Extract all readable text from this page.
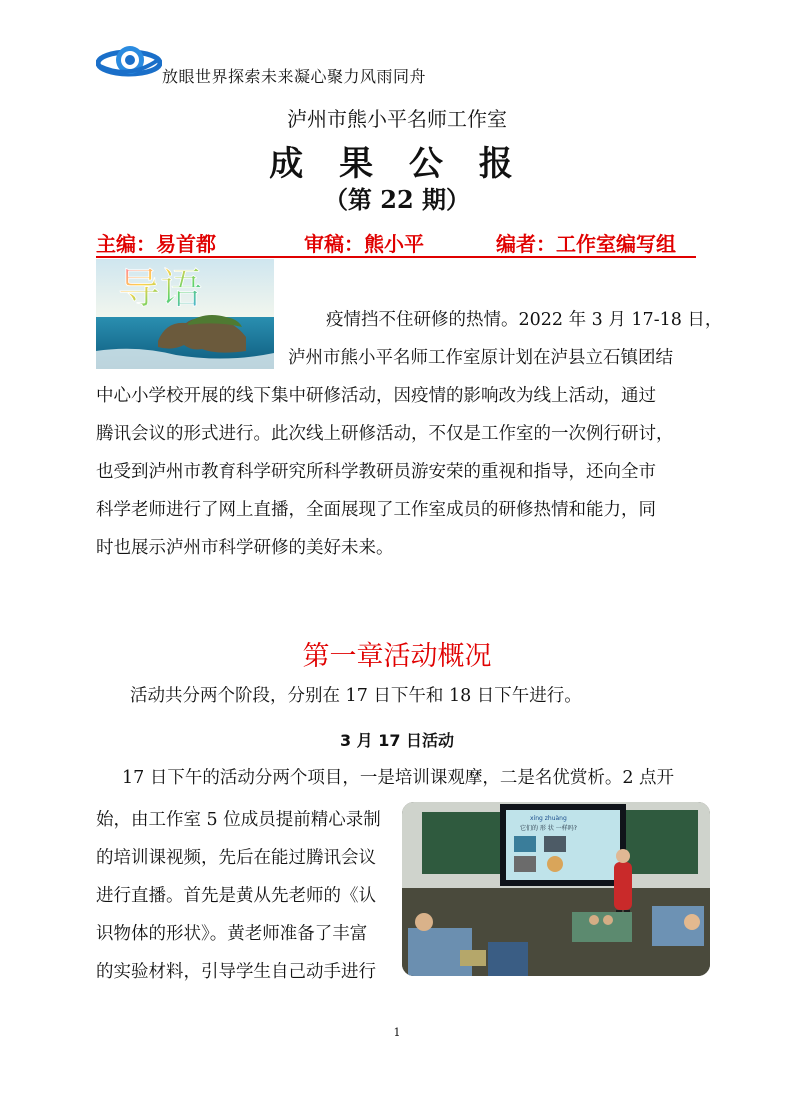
放眼世界探索未来凝心聚力风雨同舟
泸州市熊小平名师工作室
成 果 公 报
（第 22 期）
主编：易首都	审稿：熊小平	编者：工作室编写组
导语
疫情挡不住研修的热情。2022 年 3 月 17-18 日，
泸州市熊小平名师工作室原计划在泸县立石镇团结
中心小学校开展的线下集中研修活动，因疫情的影响改为线上活动，通过
腾讯会议的形式进行。此次线上研修活动，不仅是工作室的一次例行研讨，
也受到泸州市教育科学研究所科学教研员游安荣的重视和指导，还向全市
科学老师进行了网上直播，全面展现了工作室成员的研修热情和能力，同
时也展示泸州市科学研修的美好未来。
第一章活动概况
活动共分两个阶段，分别在 17 日下午和 18 日下午进行。
3 月 17 日活动
17 日下午的活动分两个项目，一是培训课观摩，二是名优赏析。2 点开
始，由工作室 5 位成员提前精心录制
的培训课视频，先后在能过腾讯会议
进行直播。首先是黄从先老师的《认
识物体的形状》。黄老师准备了丰富
的实验材料，引导学生自己动手进行
xíng zhuàng
它们的 形 状 一样吗?
1
